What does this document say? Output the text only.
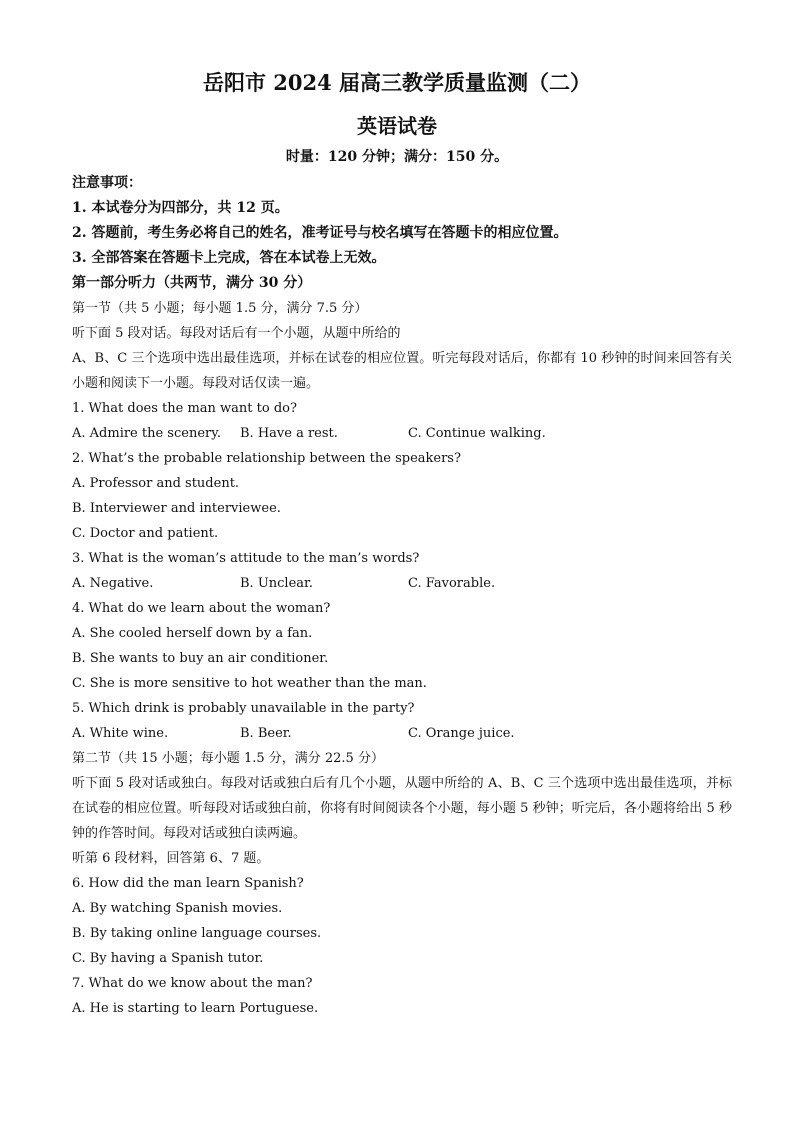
岳阳市 2024 届高三教学质量监测（二）
英语试卷
时量：120 分钟；满分：150 分。
注意事项：
1. 本试卷分为四部分，共 12 页。
2. 答题前，考生务必将自己的姓名，准考证号与校名填写在答题卡的相应位置。
3. 全部答案在答题卡上完成，答在本试卷上无效。
第一部分听力（共两节，满分 30 分）
第一节（共 5 小题；每小题 1.5 分，满分 7.5 分）
听下面 5 段对话。每段对话后有一个小题，从题中所给的
A、B、C 三个选项中选出最佳选项，并标在试卷的相应位置。听完每段对话后，你都有 10 秒钟的时间来回答有关小题和阅读下一小题。每段对话仅读一遍。
1. What does the man want to do?
A. Admire the scenery.	B. Have a rest.	C. Continue walking.
2. What’s the probable relationship between the speakers?
A. Professor and student.
B. Interviewer and interviewee.
C. Doctor and patient.
3. What is the woman’s attitude to the man’s words?
A. Negative.	B. Unclear.	C. Favorable.
4. What do we learn about the woman?
A. She cooled herself down by a fan.
B. She wants to buy an air conditioner.
C. She is more sensitive to hot weather than the man.
5. Which drink is probably unavailable in the party?
A. White wine.	B. Beer.	C. Orange juice.
第二节（共 15 小题；每小题 1.5 分，满分 22.5 分）
听下面 5 段对话或独白。每段对话或独白后有几个小题，从题中所给的 A、B、C 三个选项中选出最佳选项，并标在试卷的相应位置。听每段对话或独白前，你将有时间阅读各个小题，每小题 5 秒钟；听完后，各小题将给出 5 秒钟的作答时间。每段对话或独白读两遍。
听第 6 段材料，回答第 6、7 题。
6. How did the man learn Spanish?
A. By watching Spanish movies.
B. By taking online language courses.
C. By having a Spanish tutor.
7. What do we know about the man?
A. He is starting to learn Portuguese.
